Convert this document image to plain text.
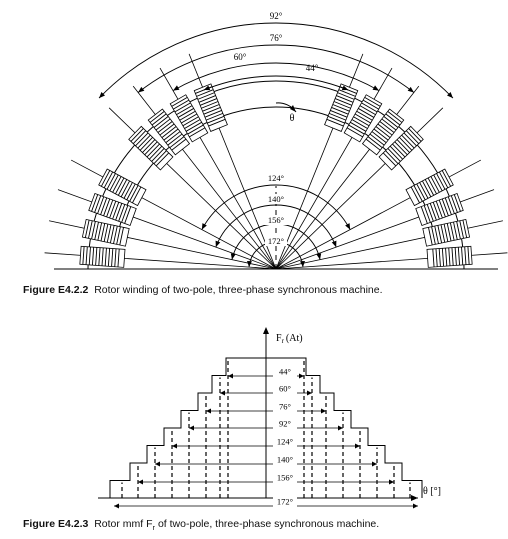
92°
76°
60°
44°
θ
124°
140°
156°
172°
44°
60°
76°
92°
124°
140°
156°
172°
$F_r$ (At)
θ [°]
Figure E4.2.2 Rotor winding of two-pole, three-phase synchronous machine.
Figure E4.2.3 Rotor mmf $F_r$ of two-pole, three-phase synchronous machine.
